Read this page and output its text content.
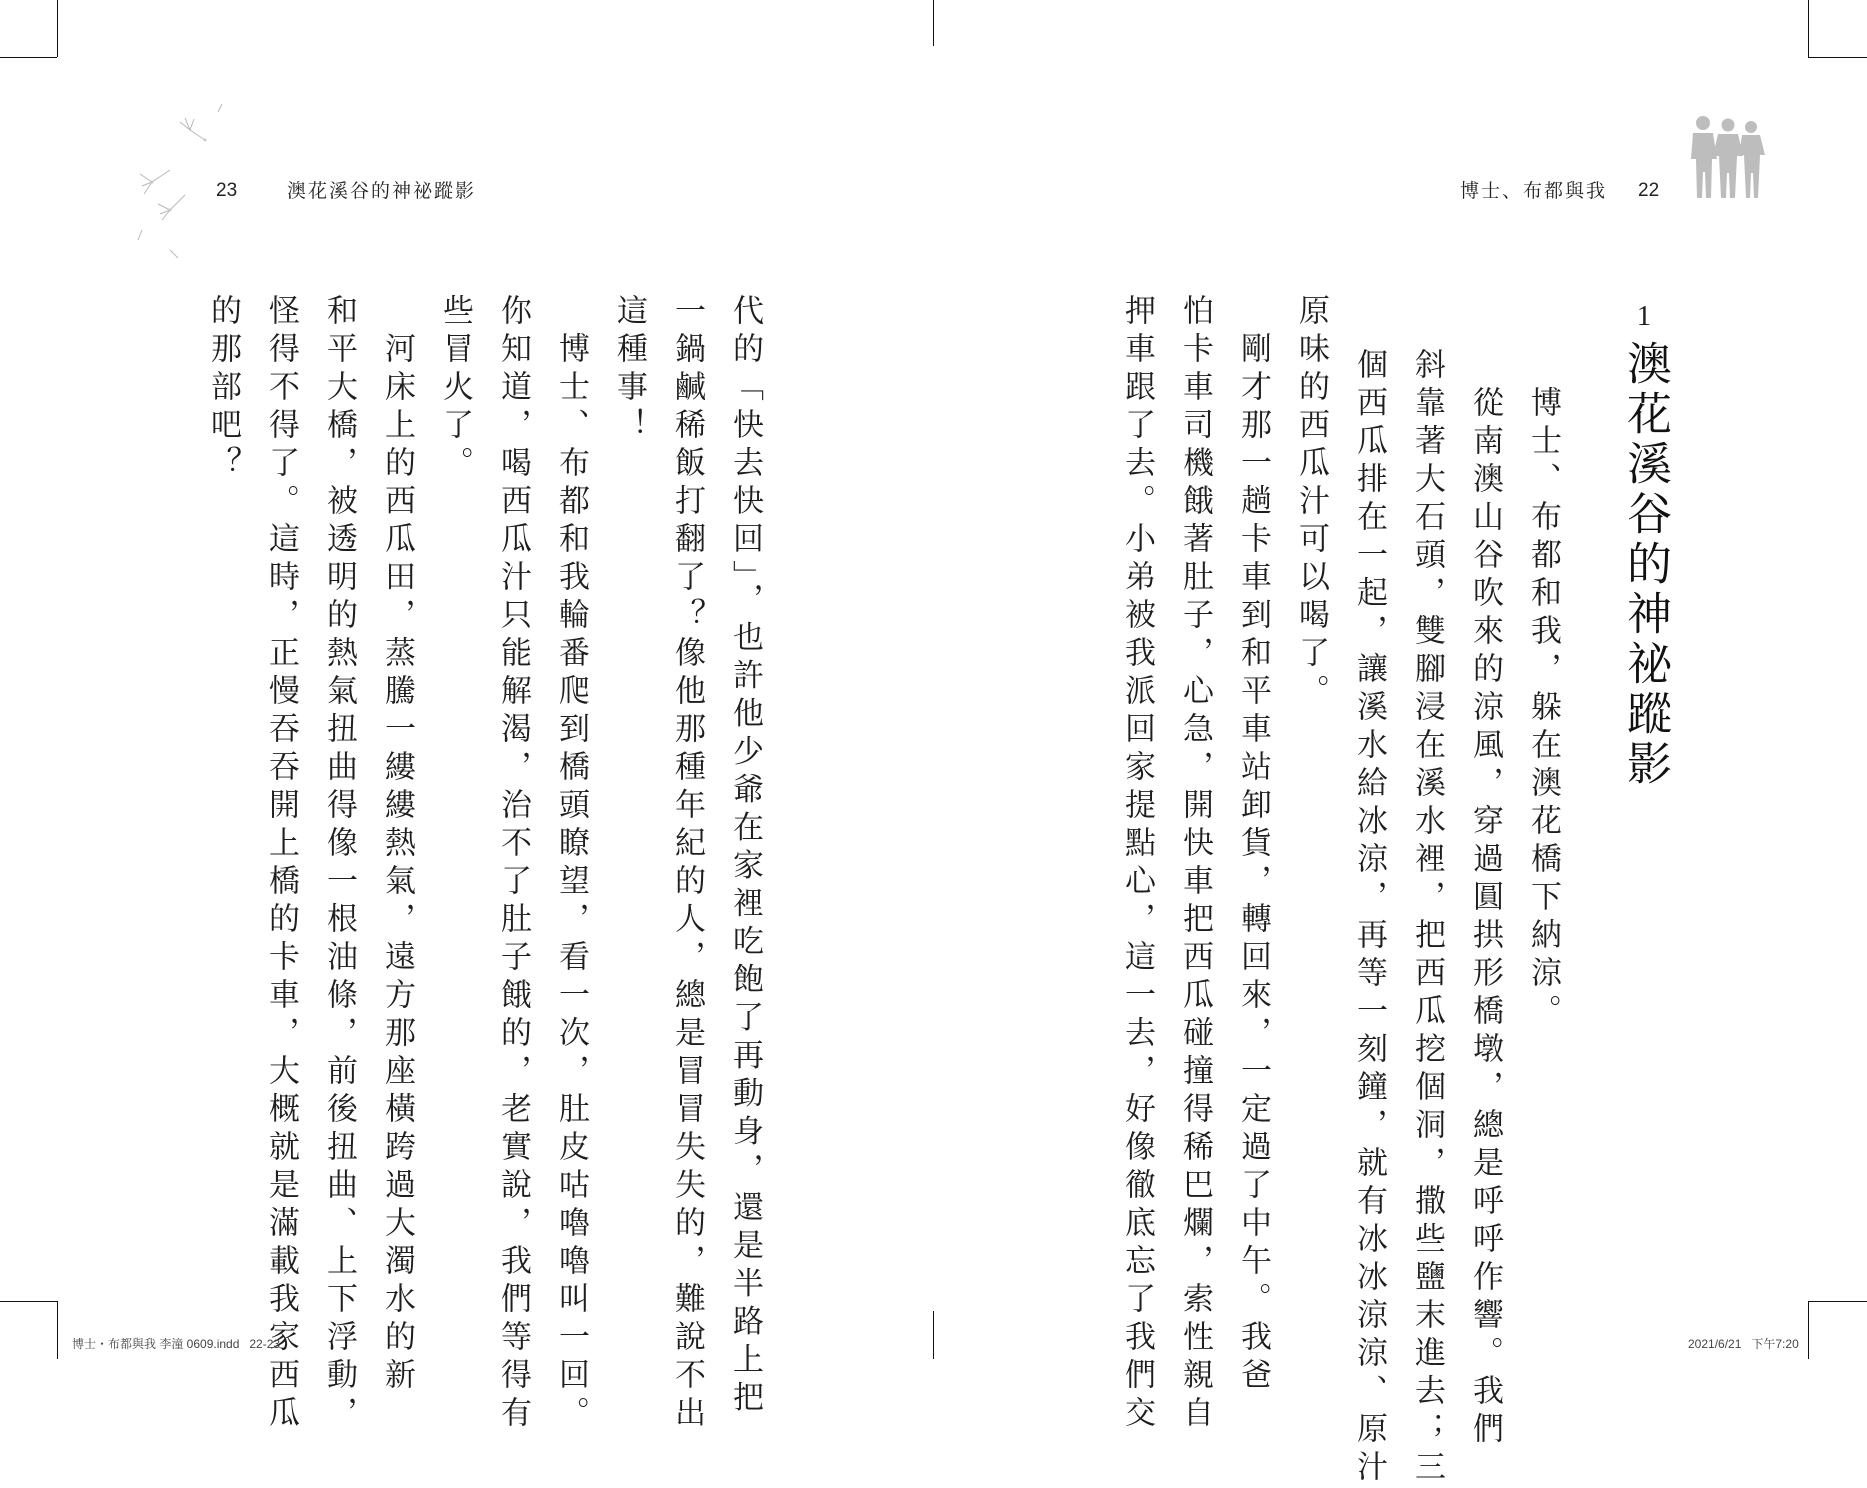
23	澳花溪谷的神祕蹤影	博士、布都與我 22
1
澳花溪谷的神祕蹤影
　博士、布都和我，躲在澳花橋下納涼。
　從南澳山谷吹來的涼風，穿過圓拱形橋墩，總是呼呼作響。我們
斜靠著大石頭，雙腳浸在溪水裡，把西瓜挖個洞，撒些鹽末進去；三
個西瓜排在一起，讓溪水給冰涼，再等一刻鐘，就有冰冰涼涼、原汁
原味的西瓜汁可以喝了。
　剛才那一趟卡車到和平車站卸貨，轉回來，一定過了中午。我爸
怕卡車司機餓著肚子，心急，開快車把西瓜碰撞得稀巴爛，索性親自
押車跟了去。小弟被我派回家提點心，這一去，好像徹底忘了我們交
代的「快去快回」，也許他少爺在家裡吃飽了再動身，還是半路上把
一鍋鹹稀飯打翻了？像他那種年紀的人，總是冒冒失失的，難說不出
這種事！
　博士、布都和我輪番爬到橋頭瞭望，看一次，肚皮咕嚕嚕叫一回。
你知道，喝西瓜汁只能解渴，治不了肚子餓的，老實說，我們等得有
些冒火了。
　河床上的西瓜田，蒸騰一縷縷熱氣，遠方那座橫跨過大濁水的新
和平大橋，被透明的熱氣扭曲得像一根油條，前後扭曲、上下浮動，
怪得不得了。這時，正慢吞吞開上橋的卡車，大概就是滿載我家西瓜
的那部吧？
博士・布都與我 李潼 0609.indd   22-23	2021/6/21   下午7:20
